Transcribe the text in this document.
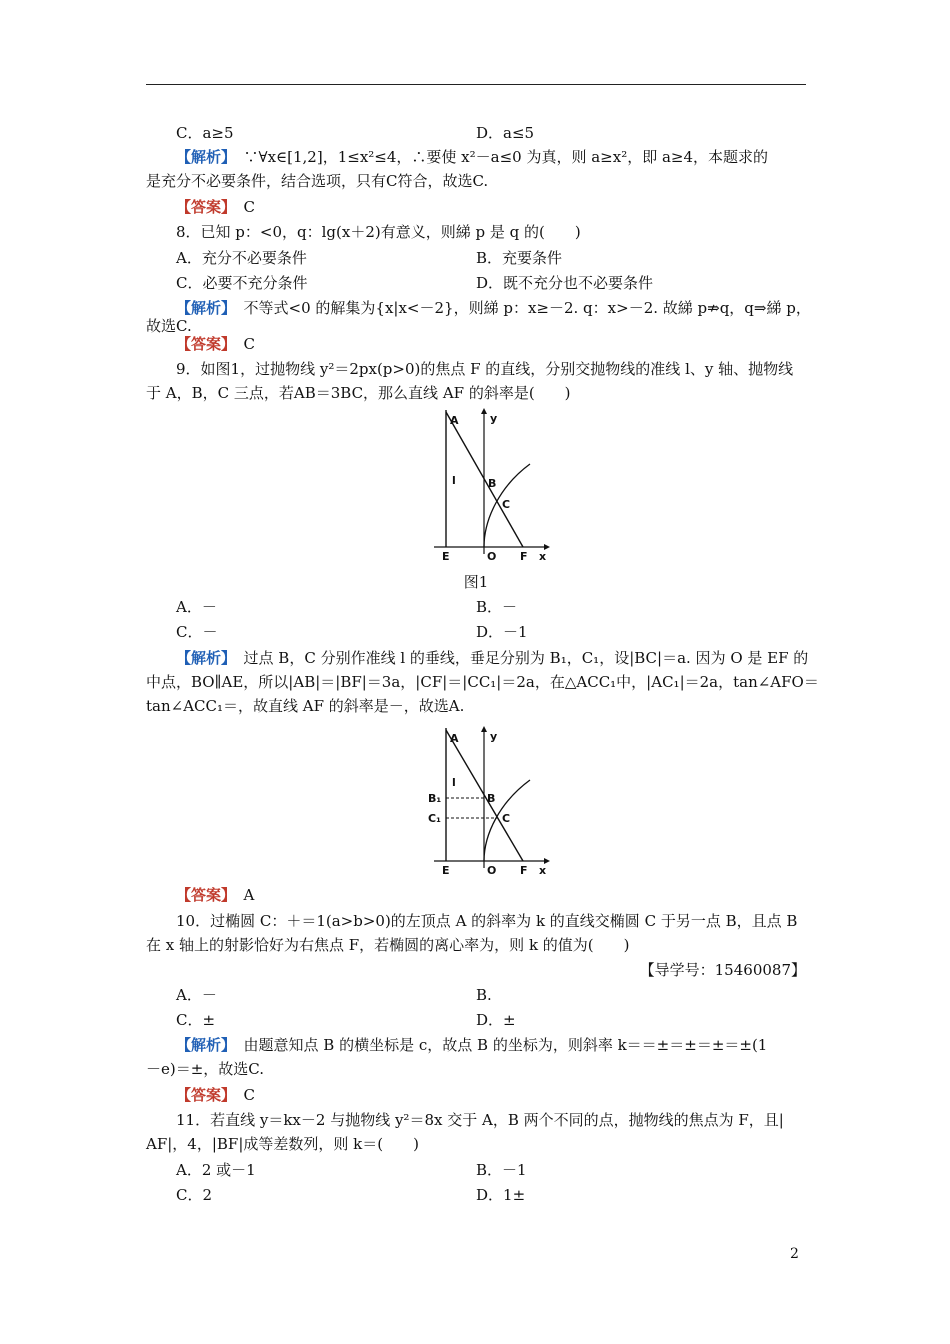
C．a≥5	D．a≤5
【解析】　 ∵∀x∈[1,2]，1≤x²≤4，∴要使 x²－a≤0 为真，则 a≥x²，即 a≥4，本题求的
是充分不必要条件，结合选项，只有C符合，故选C.
【答案】　 C
8．已知 p：<0，q：lg(x＋2)有意义，则綈 p 是 q 的(　　)
A．充分不必要条件	B．充要条件
C．必要不充分条件	D．既不充分也不必要条件
【解析】　 不等式<0 的解集为{x|x<－2}，则綈 p：x≥－2. q：x>－2. 故綈 p⇏q，q⇒綈 p，
故选C.
【答案】　 C
9．如图1，过抛物线 y²＝2px(p>0)的焦点 F 的直线，分别交抛物线的准线 l、y 轴、抛物线
于 A，B，C 三点，若AB＝3BC，那么直线 AF 的斜率是(　　)
A	y
l	B
C
E	O F x
图1
A．－	B．－
C．－	D．－1
【解析】　 过点 B，C 分别作准线 l 的垂线，垂足分别为 B₁，C₁，设|BC|＝a. 因为 O 是 EF 的
中点，BO∥AE，所以|AB|＝|BF|＝3a，|CF|＝|CC₁|＝2a，在△ACC₁中，|AC₁|＝2a，tan∠AFO＝
tan∠ACC₁＝，故直线 AF 的斜率是－，故选A.
A	y
l
B₁	B
C₁	C
E	O F x
【答案】　 A
10．过椭圆 C：＋＝1(a>b>0)的左顶点 A 的斜率为 k 的直线交椭圆 C 于另一点 B，且点 B
在 x 轴上的射影恰好为右焦点 F，若椭圆的离心率为，则 k 的值为(　　)
【导学号：15460087】
A．－	B.
C．±	D．±
【解析】　 由题意知点 B 的横坐标是 c，故点 B 的坐标为，则斜率 k＝＝±＝±＝±＝±(1
－e)＝±，故选C.
【答案】　 C
11．若直线 y＝kx－2 与抛物线 y²＝8x 交于 A，B 两个不同的点，抛物线的焦点为 F，且|
AF|，4，|BF|成等差数列，则 k＝(　　)
A．2 或－1	B．－1
C．2	D．1±
2
